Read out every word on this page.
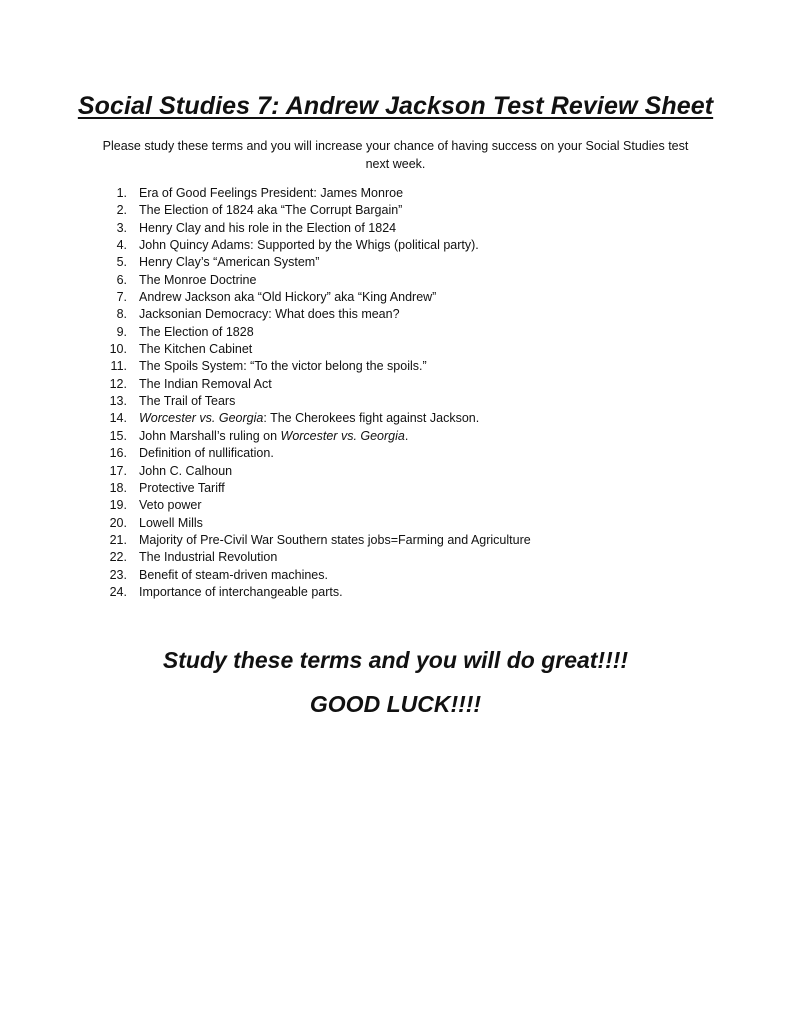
Social Studies 7: Andrew Jackson Test Review Sheet
Please study these terms and you will increase your chance of having success on your Social Studies test next week.
1. Era of Good Feelings President: James Monroe
2. The Election of 1824 aka “The Corrupt Bargain”
3. Henry Clay and his role in the Election of 1824
4. John Quincy Adams: Supported by the Whigs (political party).
5. Henry Clay’s “American System”
6. The Monroe Doctrine
7. Andrew Jackson aka “Old Hickory” aka “King Andrew”
8. Jacksonian Democracy: What does this mean?
9. The Election of 1828
10. The Kitchen Cabinet
11. The Spoils System: “To the victor belong the spoils.”
12. The Indian Removal Act
13. The Trail of Tears
14. Worcester vs. Georgia: The Cherokees fight against Jackson.
15. John Marshall’s ruling on Worcester vs. Georgia.
16. Definition of nullification.
17. John C. Calhoun
18. Protective Tariff
19. Veto power
20. Lowell Mills
21. Majority of Pre-Civil War Southern states jobs=Farming and Agriculture
22. The Industrial Revolution
23. Benefit of steam-driven machines.
24. Importance of interchangeable parts.
Study these terms and you will do great!!!!
GOOD LUCK!!!!
